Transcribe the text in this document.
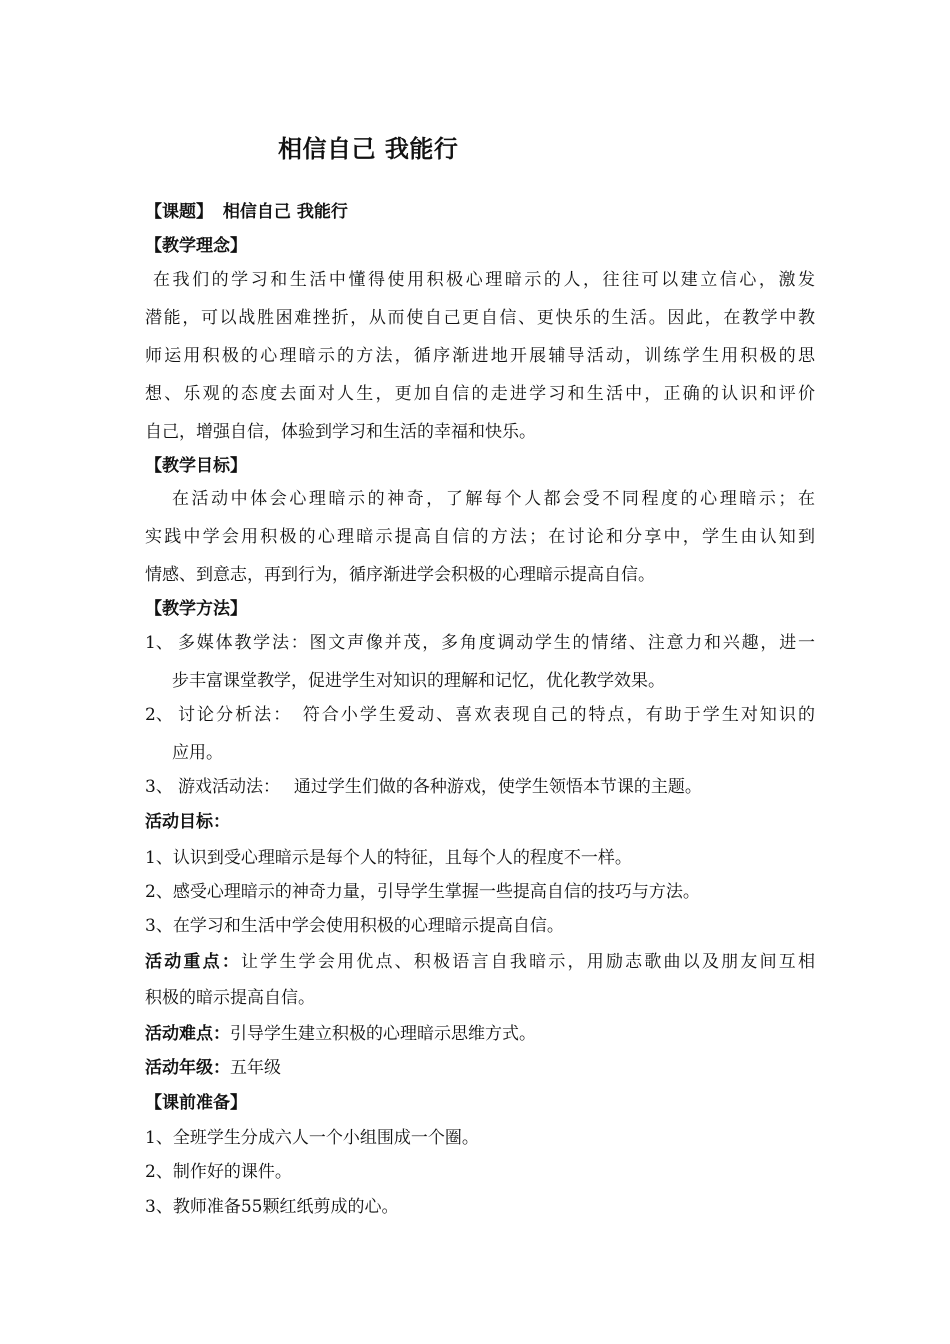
相信自己 我能行
【课题】 相信自己 我能行
【教学理念】
在我们的学习和生活中懂得使用积极心理暗示的人，往往可以建立信心，激发
潜能，可以战胜困难挫折，从而使自己更自信、更快乐的生活。因此，在教学中教
师运用积极的心理暗示的方法，循序渐进地开展辅导活动，训练学生用积极的思
想、乐观的态度去面对人生，更加自信的走进学习和生活中，正确的认识和评价
自己，增强自信，体验到学习和生活的幸福和快乐。
【教学目标】
在活动中体会心理暗示的神奇，了解每个人都会受不同程度的心理暗示；在
实践中学会用积极的心理暗示提高自信的方法；在讨论和分享中，学生由认知到
情感、到意志，再到行为，循序渐进学会积极的心理暗示提高自信。
【教学方法】
1、 多媒体教学法：图文声像并茂，多角度调动学生的情绪、注意力和兴趣，进一
步丰富课堂教学，促进学生对知识的理解和记忆，优化教学效果。
2、 讨论分析法：　符合小学生爱动、喜欢表现自己的特点，有助于学生对知识的
应用。
3、 游戏活动法：　 通过学生们做的各种游戏，使学生领悟本节课的主题。
活动目标：
1、认识到受心理暗示是每个人的特征，且每个人的程度不一样。
2、感受心理暗示的神奇力量，引导学生掌握一些提高自信的技巧与方法。
3、在学习和生活中学会使用积极的心理暗示提高自信。
活动重点：让学生学会用优点、积极语言自我暗示，用励志歌曲以及朋友间互相
积极的暗示提高自信。
活动难点：引导学生建立积极的心理暗示思维方式。
活动年级：五年级
【课前准备】
1、全班学生分成六人一个小组围成一个圈。
2、制作好的课件。
3、教师准备55颗红纸剪成的心。
